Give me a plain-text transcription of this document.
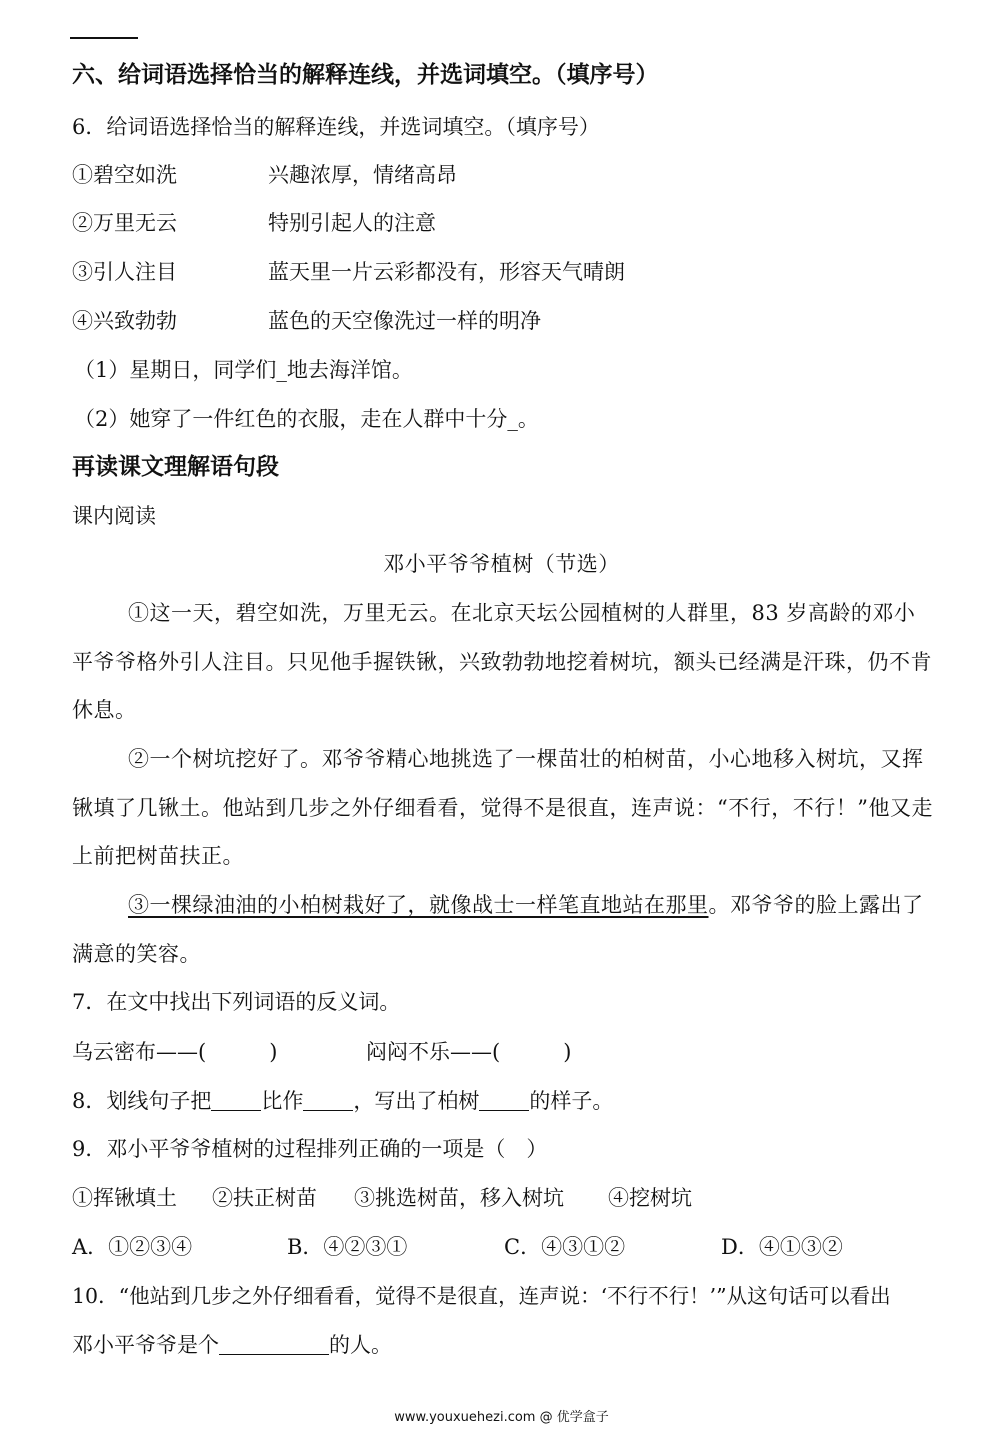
六、给词语选择恰当的解释连线，并选词填空。（填序号）
6．给词语选择恰当的解释连线，并选词填空。（填序号）
①碧空如洗	兴趣浓厚，情绪高昂
②万里无云	特别引起人的注意
③引人注目	蓝天里一片云彩都没有，形容天气晴朗
④兴致勃勃	蓝色的天空像洗过一样的明净
（1）星期日，同学们_地去海洋馆。
（2）她穿了一件红色的衣服，走在人群中十分_。
再读课文理解语句段
课内阅读
邓小平爷爷植树（节选）
①这一天，碧空如洗，万里无云。在北京天坛公园植树的人群里，83 岁高龄的邓小
平爷爷格外引人注目。只见他手握铁锹，兴致勃勃地挖着树坑，额头已经满是汗珠，仍不肯
休息。
②一个树坑挖好了。邓爷爷精心地挑选了一棵苗壮的柏树苗，小心地移入树坑，又挥
锹填了几锹土。他站到几步之外仔细看看，觉得不是很直，连声说：“不行，不行！”他又走
上前把树苗扶正。
③一棵绿油油的小柏树栽好了，就像战士一样笔直地站在那里。邓爷爷的脸上露出了
满意的笑容。
7．在文中找出下列词语的反义词。
乌云密布——(　　　)	闷闷不乐——(　　　)
8．划线句子把 比作 ，写出了柏树 的样子。
9．邓小平爷爷植树的过程排列正确的一项是（　）
①挥锹填土 ②扶正树苗 ③挑选树苗，移入树坑 ④挖树坑
A．①②③④	B．④②③①	C．④③①②	D．④①③②
10．“他站到几步之外仔细看看，觉得不是很直，连声说：‘不行不行！’”从这句话可以看出
邓小平爷爷是个	的人。
www.youxuehezi.com @ 优学盒子
